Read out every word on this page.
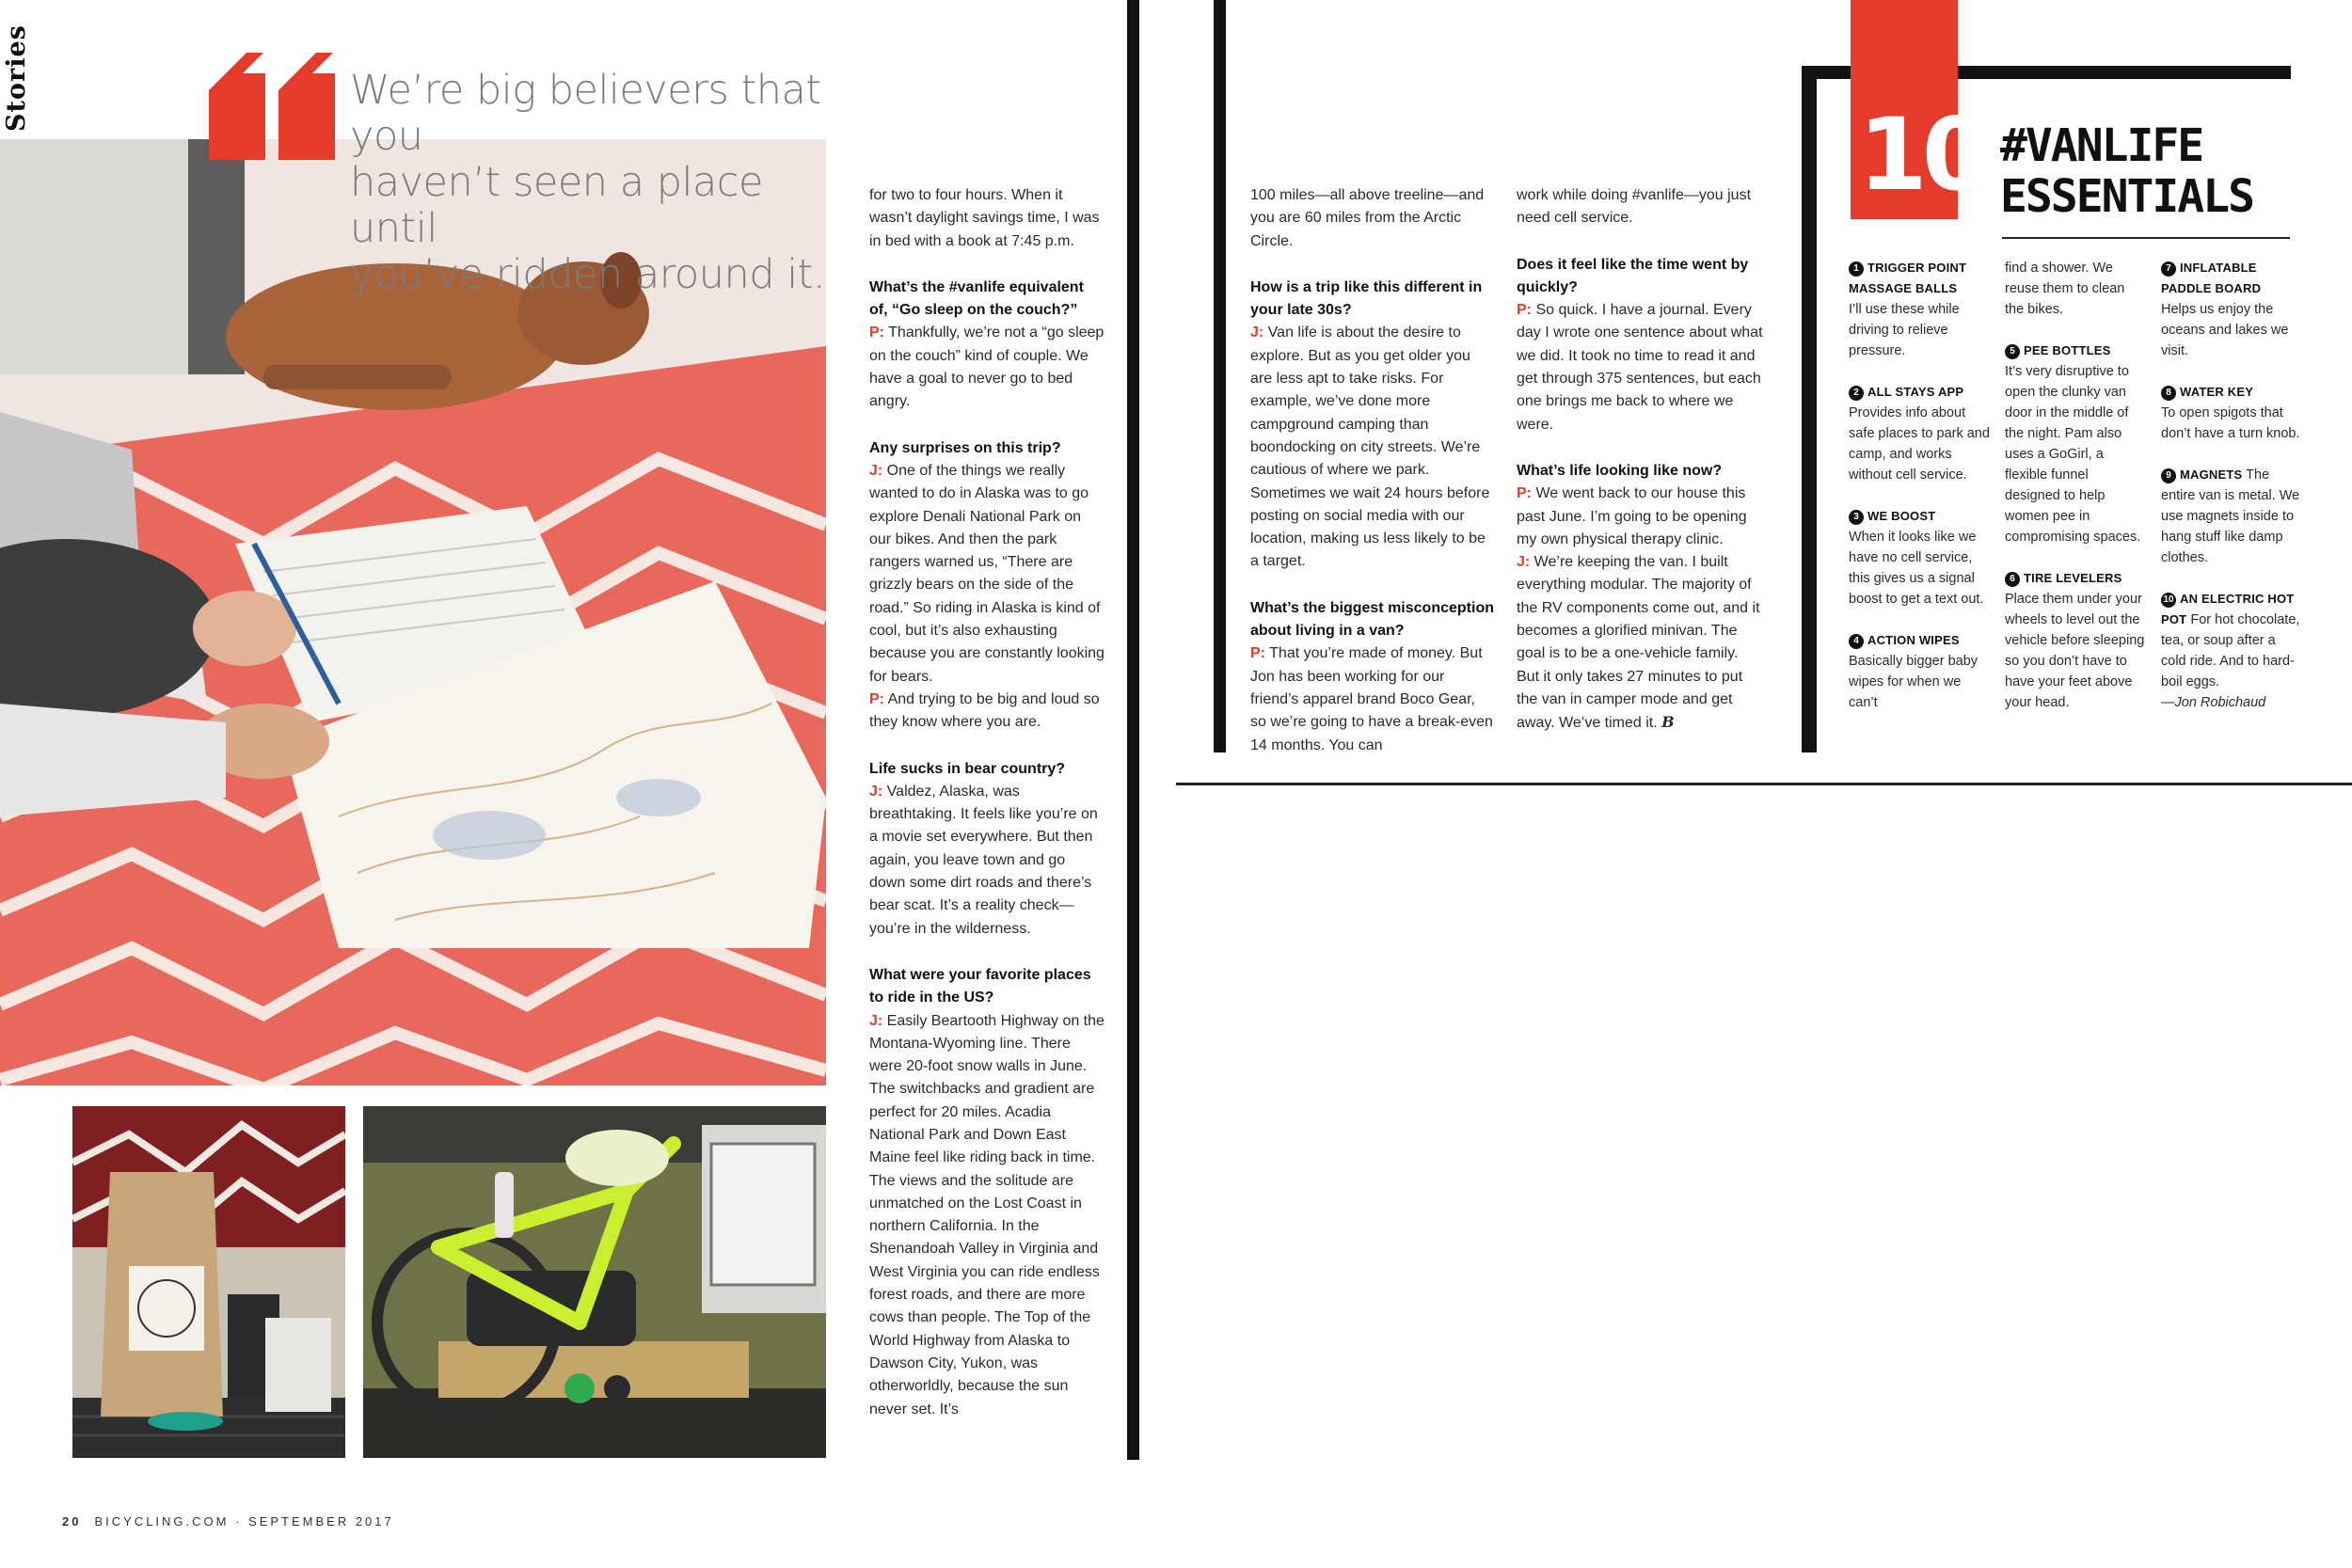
Stories	We’re big believers that you
haven’t seen a place until
you’ve ridden around it.
20 BICYCLING.COM · SEPTEMBER 2017

for two to four hours. When it wasn’t daylight savings time, I was in bed with a book at 7:45 p.m.

What’s the #vanlife equivalent of, “Go sleep on the couch?”
P: Thankfully, we’re not a “go sleep on the couch” kind of couple. We have a goal to never go to bed angry.

Any surprises on this trip?
J: One of the things we really wanted to do in Alaska was to go explore Denali National Park on our bikes. And then the park rangers warned us, “There are grizzly bears on the side of the road.” So riding in Alaska is kind of cool, but it’s also exhausting because you are constantly looking for bears.
P: And trying to be big and loud so they know where you are.

Life sucks in bear country?
J: Valdez, Alaska, was breathtaking. It feels like you’re on a movie set everywhere. But then again, you leave town and go down some dirt roads and there’s bear scat. It’s a reality check—you’re in the wilderness.

What were your favorite places to ride in the US?
J: Easily Beartooth Highway on the Montana-Wyoming line. There were 20-foot snow walls in June. The switchbacks and gradient are perfect for 20 miles. Acadia National Park and Down East Maine feel like riding back in time. The views and the solitude are unmatched on the Lost Coast in northern California. In the Shenandoah Valley in Virginia and West Virginia you can ride endless forest roads, and there are more cows than people. The Top of the World Highway from Alaska to Dawson City, Yukon, was otherworldly, because the sun never set. It’s

100 miles—all above treeline—and you are 60 miles from the Arctic Circle.

How is a trip like this different in your late 30s?
J: Van life is about the desire to explore. But as you get older you are less apt to take risks. For example, we’ve done more campground camping than boondocking on city streets. We’re cautious of where we park. Sometimes we wait 24 hours before posting on social media with our location, making us less likely to be a target.

What’s the biggest misconception about living in a van?
P: That you’re made of money. But Jon has been working for our friend’s apparel brand Boco Gear, so we’re going to have a break-even 14 months. You can

work while doing #vanlife—you just need cell service.

Does it feel like the time went by quickly?
P: So quick. I have a journal. Every day I wrote one sentence about what we did. It took no time to read it and get through 375 sentences, but each one brings me back to where we were.

What’s life looking like now?
P: We went back to our house this past June. I’m going to be opening my own physical therapy clinic.
J: We’re keeping the van. I built everything modular. The majority of the RV components come out, and it becomes a glorified minivan. The goal is to be a one-vehicle family. But it only takes 27 minutes to put the van in camper mode and get away. We’ve timed it. B

10 #VANLIFE
ESSENTIALS

1 TRIGGER POINT MASSAGE BALLS
I’ll use these while driving to relieve pressure.

2 ALL STAYS APP
Provides info about safe places to park and camp, and works without cell service.

3 WE BOOST
When it looks like we have no cell service, this gives us a signal boost to get a text out.

4 ACTION WIPES
Basically bigger baby wipes for when we can’t

find a shower. We reuse them to clean the bikes.

5 PEE BOTTLES
It’s very disruptive to open the clunky van door in the middle of the night. Pam also uses a GoGirl, a flexible funnel designed to help women pee in compromising spaces.

6 TIRE LEVELERS
Place them under your wheels to level out the vehicle before sleeping so you don’t have to have your feet above your head.

7 INFLATABLE PADDLE BOARD
Helps us enjoy the oceans and lakes we visit.

8 WATER KEY
To open spigots that don’t have a turn knob.

9 MAGNETS The entire van is metal. We use magnets inside to hang stuff like damp clothes.

10 AN ELECTRIC HOT POT For hot chocolate, tea, or soup after a cold ride. And to hard-boil eggs.
—Jon Robichaud
